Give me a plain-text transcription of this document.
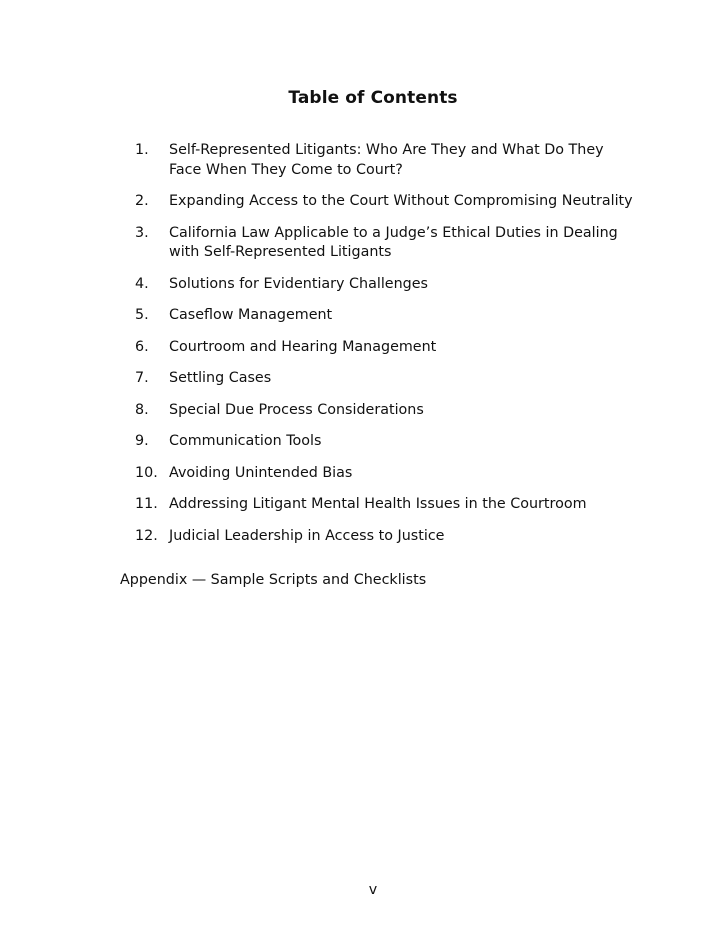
Table of Contents
1.	Self-Represented Litigants: Who Are They and What Do They Face When They Come to Court?
2.	Expanding Access to the Court Without Compromising Neutrality
3.	California Law Applicable to a Judge’s Ethical Duties in Dealing with Self-Represented Litigants
4.	Solutions for Evidentiary Challenges
5.	Caseflow Management
6.	Courtroom and Hearing Management
7.	Settling Cases
8.	Special Due Process Considerations
9.	Communication Tools
10. Avoiding Unintended Bias
11. Addressing Litigant Mental Health Issues in the Courtroom
12. Judicial Leadership in Access to Justice
Appendix — Sample Scripts and Checklists
v
